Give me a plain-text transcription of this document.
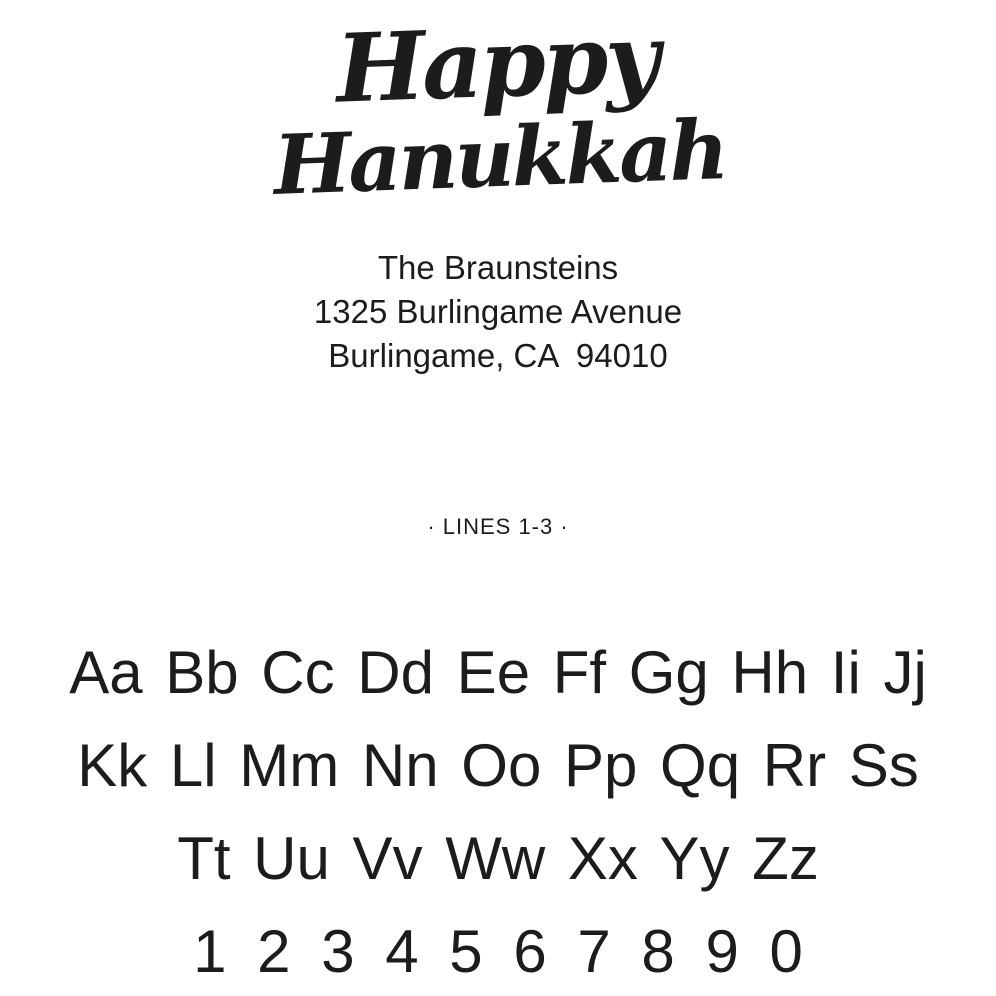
Happy
Hanukkah
The Braunsteins
1325 Burlingame Avenue
Burlingame, CA  94010
· LINES 1-3 ·
Aa Bb Cc Dd Ee Ff Gg Hh Ii Jj
Kk Ll Mm Nn Oo Pp Qq Rr Ss
Tt Uu Vv Ww Xx Yy Zz
1 2 3 4 5 6 7 8 9 0
